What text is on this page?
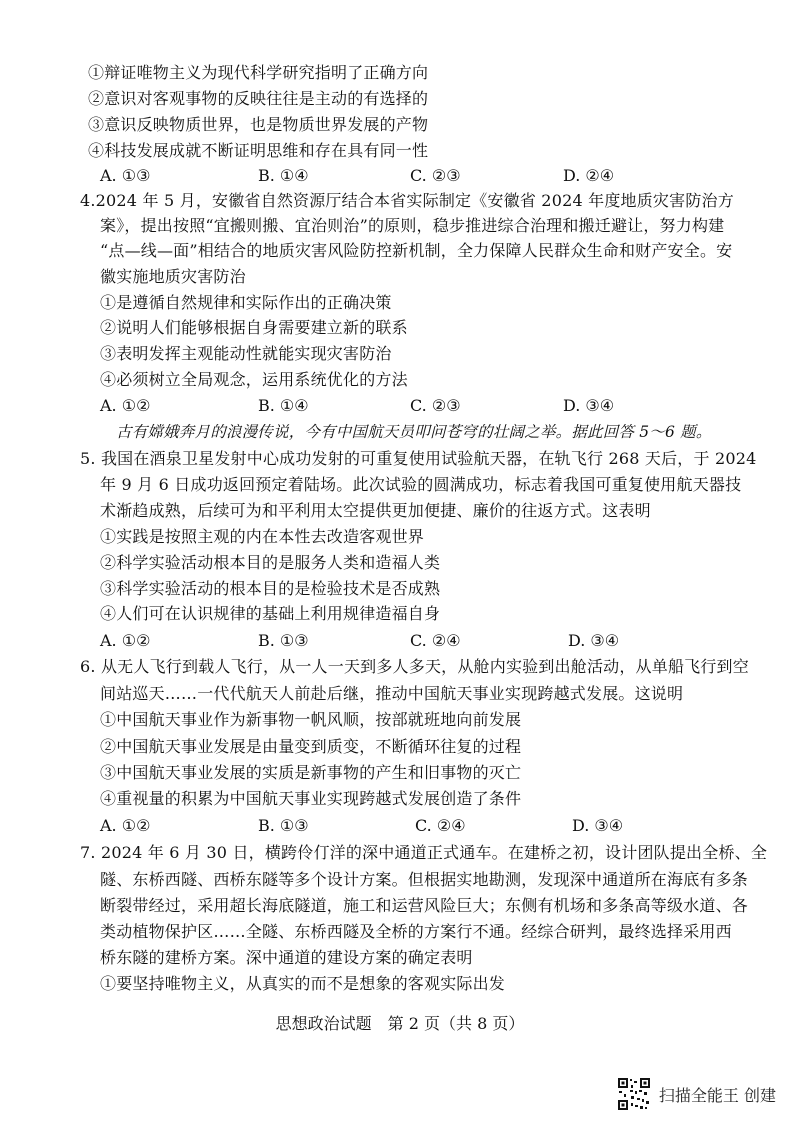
①辩证唯物主义为现代科学研究指明了正确方向
②意识对客观事物的反映往往是主动的有选择的
③意识反映物质世界，也是物质世界发展的产物
④科技发展成就不断证明思维和存在具有同一性
A. ①③	B. ①④	C. ②③	D. ②④
4.2024 年 5 月，安徽省自然资源厅结合本省实际制定《安徽省 2024 年度地质灾害防治方
案》，提出按照“宜搬则搬、宜治则治”的原则，稳步推进综合治理和搬迁避让，努力构建
“点—线—面”相结合的地质灾害风险防控新机制，全力保障人民群众生命和财产安全。安
徽实施地质灾害防治
①是遵循自然规律和实际作出的正确决策
②说明人们能够根据自身需要建立新的联系
③表明发挥主观能动性就能实现灾害防治
④必须树立全局观念，运用系统优化的方法
A. ①②	B. ①④	C. ②③	D. ③④
古有嫦娥奔月的浪漫传说，今有中国航天员叩问苍穹的壮阔之举。据此回答 5～6 题。
5. 我国在酒泉卫星发射中心成功发射的可重复使用试验航天器，在轨飞行 268 天后，于 2024
年 9 月 6 日成功返回预定着陆场。此次试验的圆满成功，标志着我国可重复使用航天器技
术渐趋成熟，后续可为和平利用太空提供更加便捷、廉价的往返方式。这表明
①实践是按照主观的内在本性去改造客观世界
②科学实验活动根本目的是服务人类和造福人类
③科学实验活动的根本目的是检验技术是否成熟
④人们可在认识规律的基础上利用规律造福自身
A. ①②	B. ①③	C. ②④	D. ③④
6. 从无人飞行到载人飞行，从一人一天到多人多天，从舱内实验到出舱活动，从单船飞行到空
间站巡天……一代代航天人前赴后继，推动中国航天事业实现跨越式发展。这说明
①中国航天事业作为新事物一帆风顺，按部就班地向前发展
②中国航天事业发展是由量变到质变，不断循环往复的过程
③中国航天事业发展的实质是新事物的产生和旧事物的灭亡
④重视量的积累为中国航天事业实现跨越式发展创造了条件
A. ①②	B. ①③	C. ②④	D. ③④
7. 2024 年 6 月 30 日，横跨伶仃洋的深中通道正式通车。在建桥之初，设计团队提出全桥、全
隧、东桥西隧、西桥东隧等多个设计方案。但根据实地勘测，发现深中通道所在海底有多条
断裂带经过，采用超长海底隧道，施工和运营风险巨大；东侧有机场和多条高等级水道、各
类动植物保护区……全隧、东桥西隧及全桥的方案行不通。经综合研判，最终选择采用西
桥东隧的建桥方案。深中通道的建设方案的确定表明
①要坚持唯物主义，从真实的而不是想象的客观实际出发
思想政治试题　第 2 页（共 8 页）
扫描全能王 创建
